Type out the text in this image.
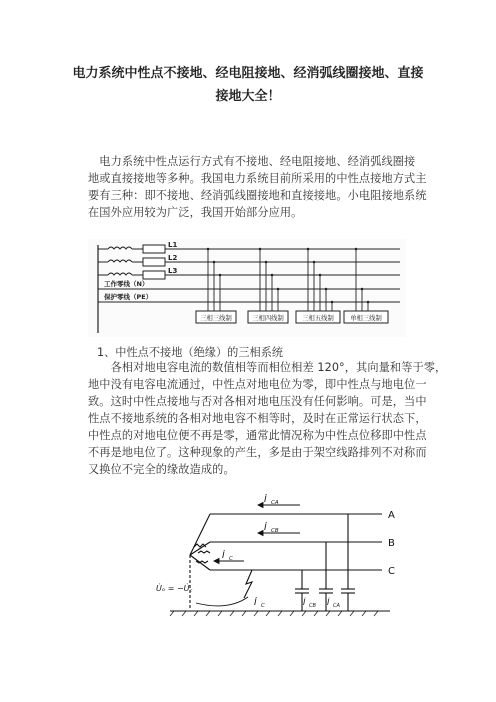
电力系统中性点不接地、经电阻接地、经消弧线圈接地、直接
接地大全！
　电力系统中性点运行方式有不接地、经电阻接地、经消弧线圈接
地或直接接地等多种。我国电力系统目前所采用的中性点接地方式主
要有三种：即不接地、经消弧线圈接地和直接接地。小电阻接地系统
在国外应用较为广泛，我国开始部分应用。
L1
L2
L3
工作零线（N）
保护零线（PE）
三相三线制	三相四线制	三相五线制	单相三线制
1、中性点不接地（绝缘）的三相系统
　　各相对地电容电流的数值相等而相位相差 120°，其向量和等于零，
地中没有电容电流通过，中性点对地电位为零，即中性点与地电位一
致。这时中性点接地与否对各相对地电压没有任何影响。可是，当中
性点不接地系统的各相对地电容不相等时，及时在正常运行状态下，
中性点的对地电位便不再是零，通常此情况称为中性点位移即中性点
不再是地电位了。这种现象的产生，多是由于架空线路排列不对称而
又换位不完全的缘故造成的。
A
B
C
İ CA
İ CB
İ C
İ C	İ CB İ CA
U̇ₒ = −U̇꜀
